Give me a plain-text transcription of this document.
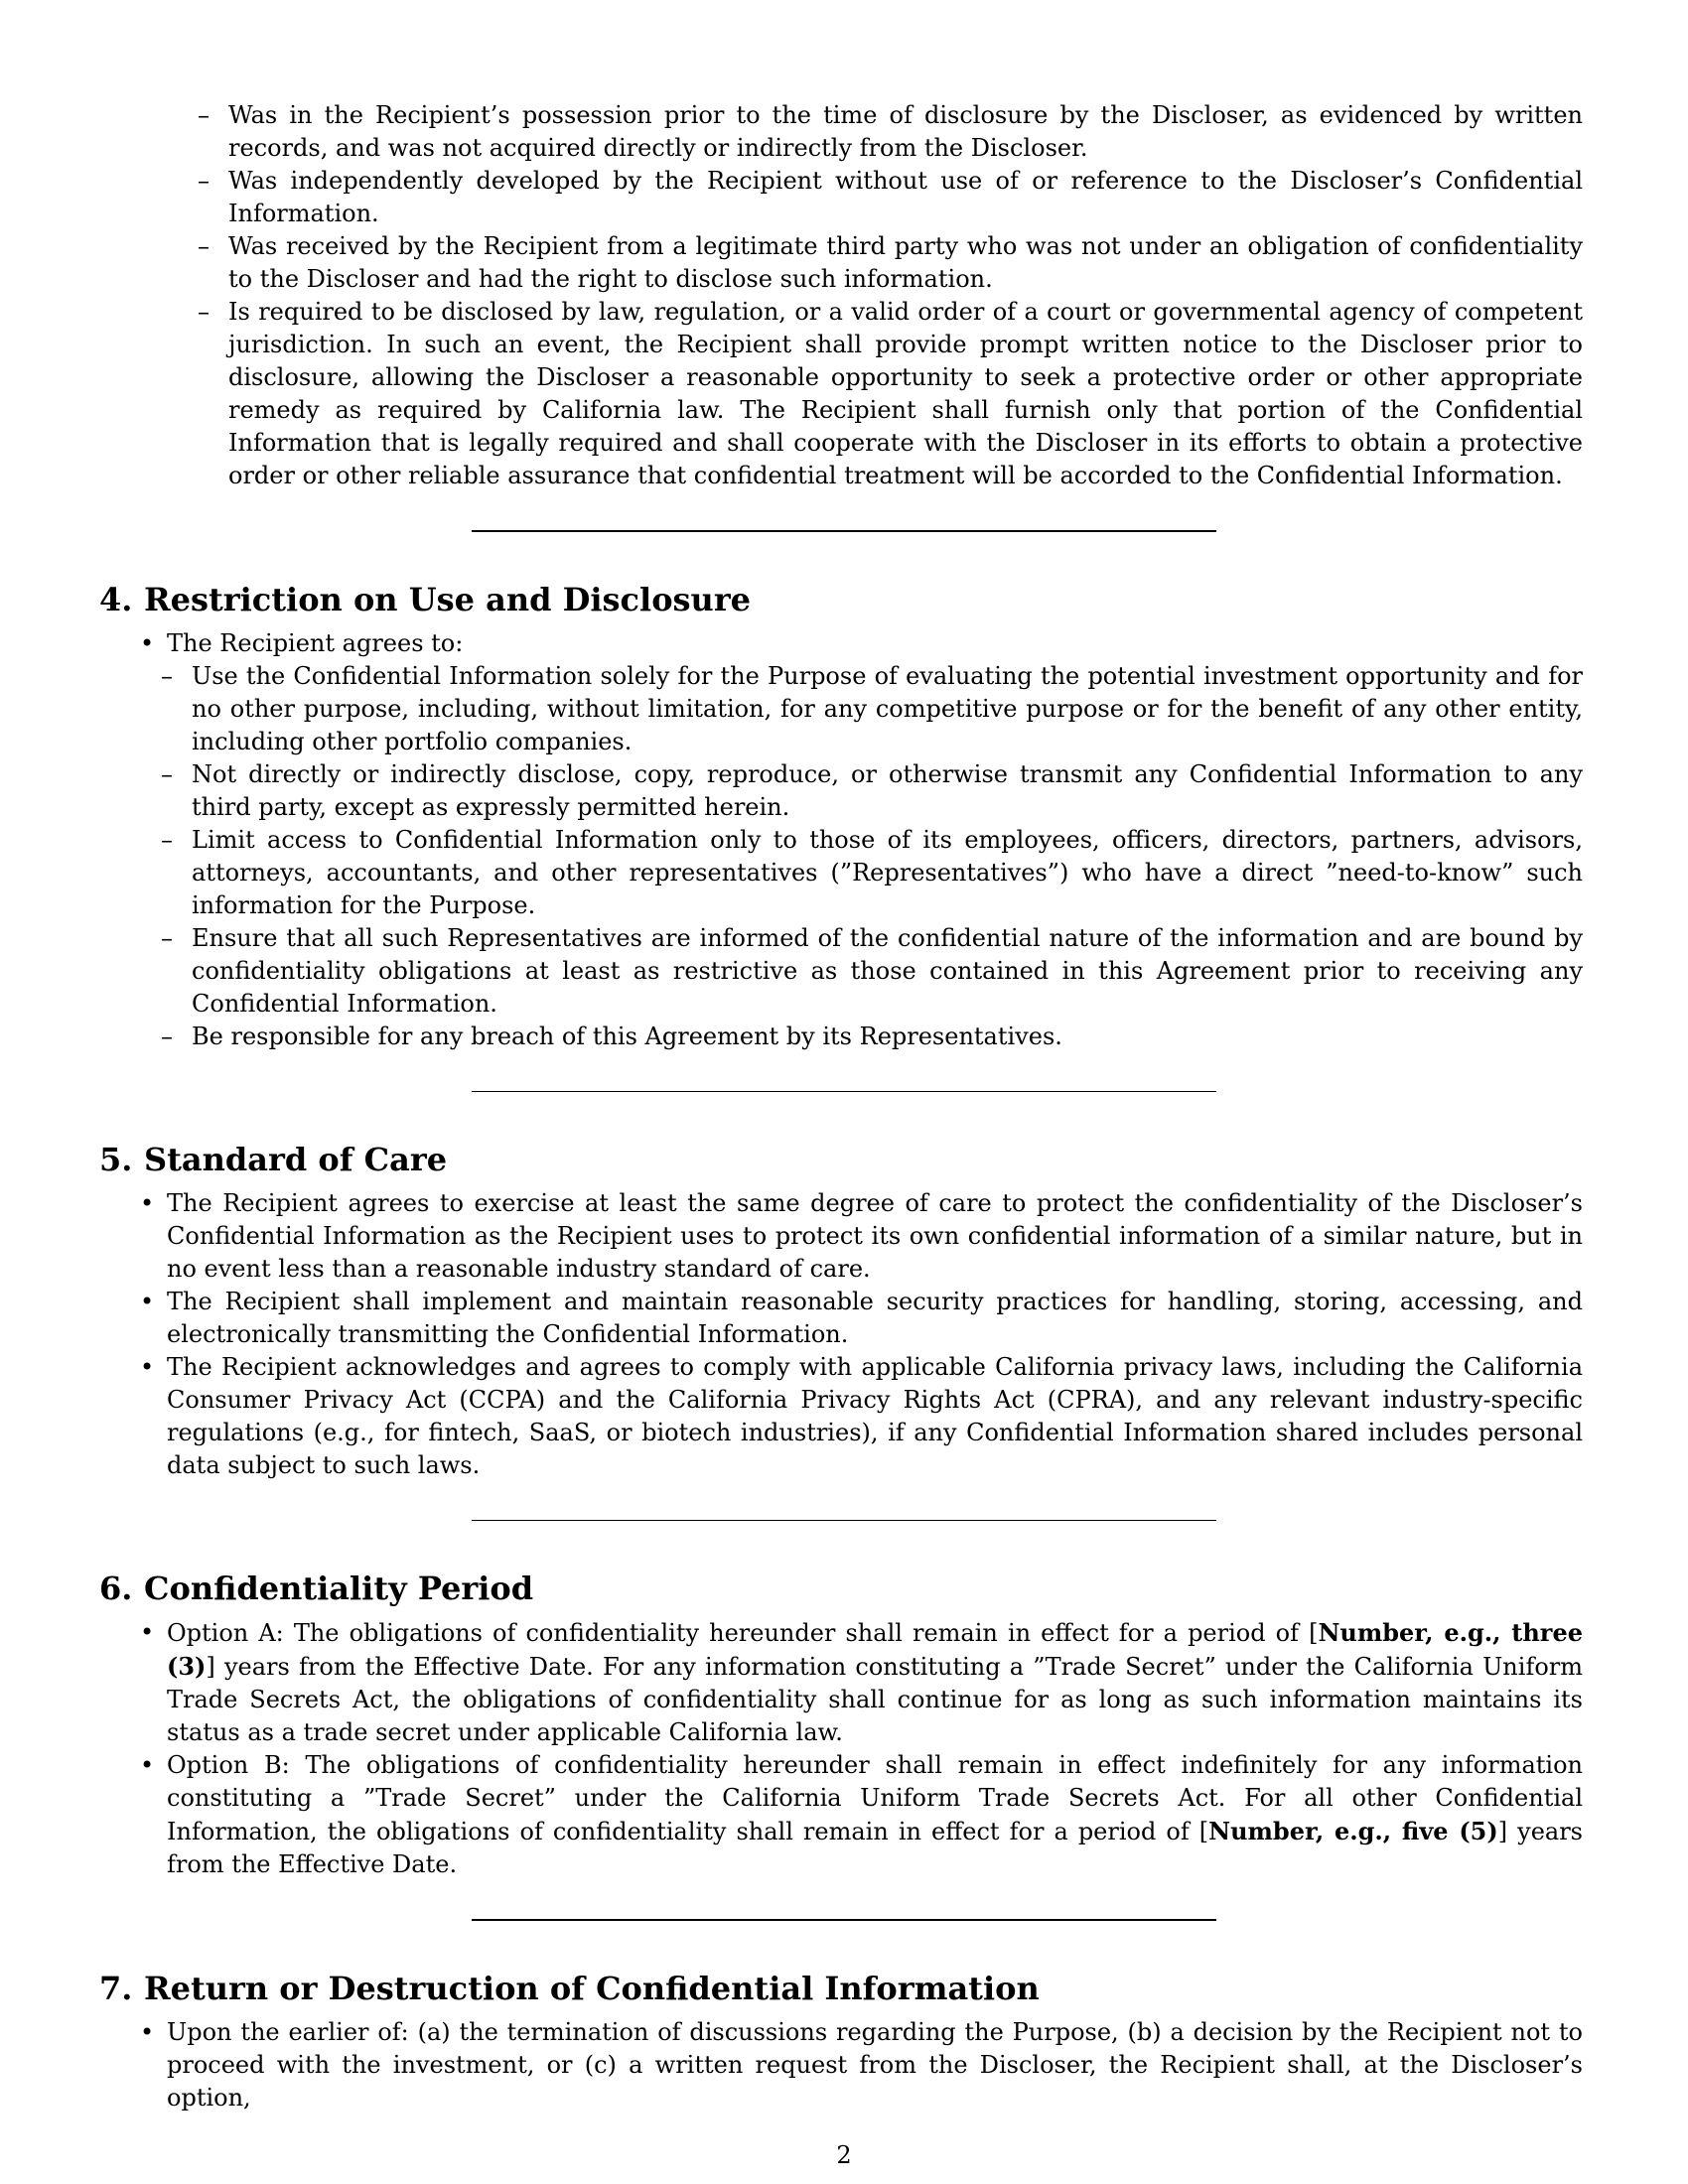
– Was in the Recipient’s possession prior to the time of disclosure by the Discloser, as evidenced by written records, and was not acquired directly or indirectly from the Discloser.
– Was independently developed by the Recipient without use of or reference to the Discloser’s Confidential Information.
– Was received by the Recipient from a legitimate third party who was not under an obligation of confidentiality to the Discloser and had the right to disclose such information.
– Is required to be disclosed by law, regulation, or a valid order of a court or governmental agency of competent jurisdiction. In such an event, the Recipient shall provide prompt written notice to the Discloser prior to disclosure, allowing the Discloser a reasonable opportunity to seek a protective order or other appropriate remedy as required by California law. The Recipient shall furnish only that portion of the Confidential Information that is legally required and shall cooperate with the Discloser in its efforts to obtain a protective order or other reliable assurance that confidential treatment will be accorded to the Confidential Information.
4. Restriction on Use and Disclosure
• The Recipient agrees to:
– Use the Confidential Information solely for the Purpose of evaluating the potential investment opportunity and for no other purpose, including, without limitation, for any competitive purpose or for the benefit of any other entity, including other portfolio companies.
– Not directly or indirectly disclose, copy, reproduce, or otherwise transmit any Confidential Information to any third party, except as expressly permitted herein.
– Limit access to Confidential Information only to those of its employees, officers, directors, partners, advisors, attorneys, accountants, and other representatives (”Representatives”) who have a direct ”need-to-know” such information for the Purpose.
– Ensure that all such Representatives are informed of the confidential nature of the information and are bound by confidentiality obligations at least as restrictive as those contained in this Agreement prior to receiving any Confidential Information.
– Be responsible for any breach of this Agreement by its Representatives.
5. Standard of Care
• The Recipient agrees to exercise at least the same degree of care to protect the confidentiality of the Discloser’s Confidential Information as the Recipient uses to protect its own confidential information of a similar nature, but in no event less than a reasonable industry standard of care.
• The Recipient shall implement and maintain reasonable security practices for handling, storing, accessing, and electronically transmitting the Confidential Information.
• The Recipient acknowledges and agrees to comply with applicable California privacy laws, including the California Consumer Privacy Act (CCPA) and the California Privacy Rights Act (CPRA), and any relevant industry-specific regulations (e.g., for fintech, SaaS, or biotech industries), if any Confidential Information shared includes personal data subject to such laws.
6. Confidentiality Period
• Option A: The obligations of confidentiality hereunder shall remain in effect for a period of [Number, e.g., three (3)] years from the Effective Date. For any information constituting a ”Trade Secret” under the California Uniform Trade Secrets Act, the obligations of confidentiality shall continue for as long as such information maintains its status as a trade secret under applicable California law.
• Option B: The obligations of confidentiality hereunder shall remain in effect indefinitely for any information constituting a ”Trade Secret” under the California Uniform Trade Secrets Act. For all other Confidential Information, the obligations of confidentiality shall remain in effect for a period of [Number, e.g., five (5)] years from the Effective Date.
7. Return or Destruction of Confidential Information
• Upon the earlier of: (a) the termination of discussions regarding the Purpose, (b) a decision by the Recipient not to proceed with the investment, or (c) a written request from the Discloser, the Recipient shall, at the Discloser’s option,
2
